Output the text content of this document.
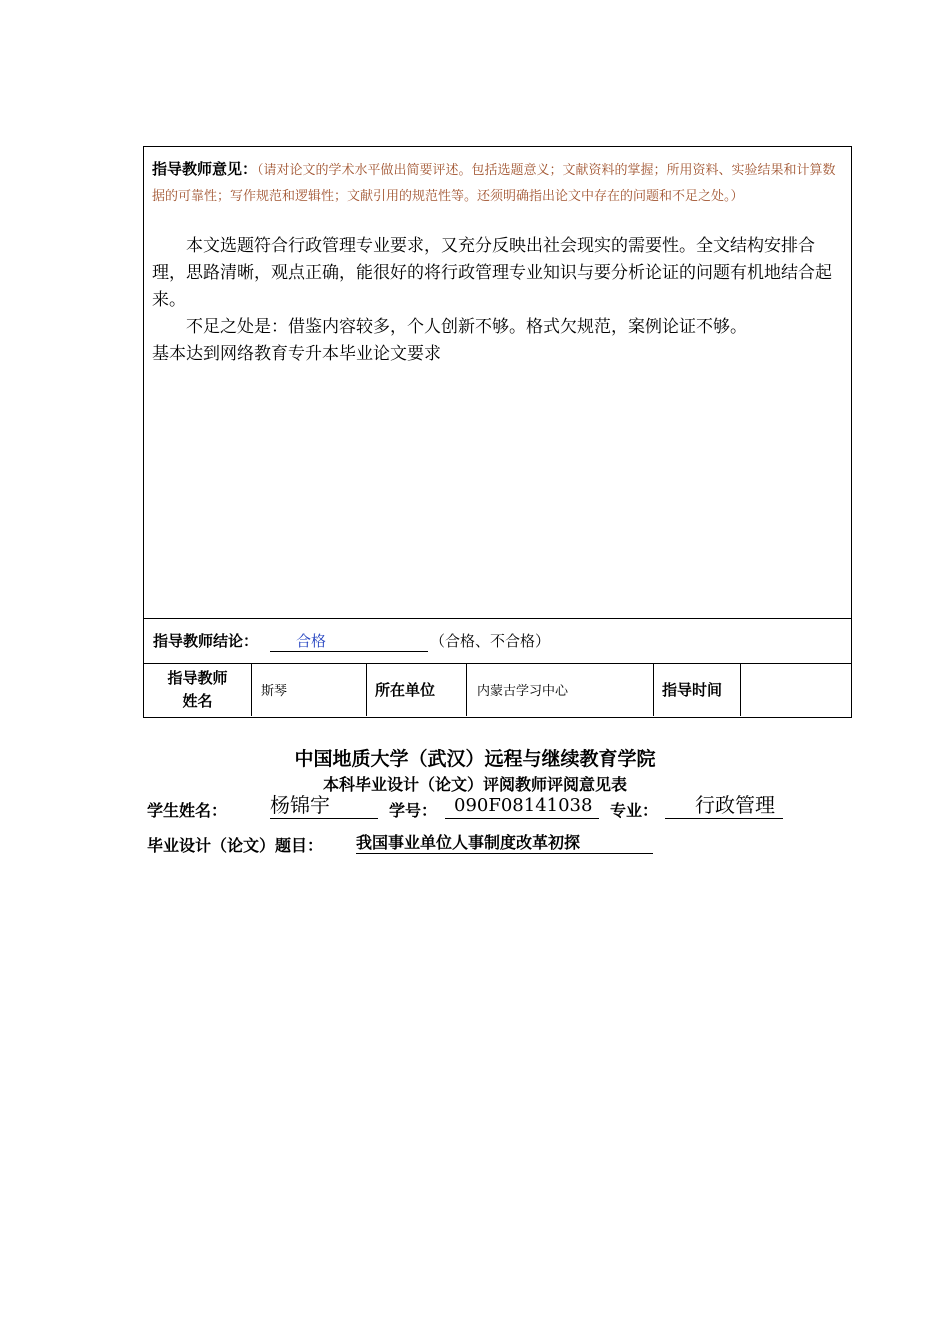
指导教师意见：（请对论文的学术水平做出简要评述。包括选题意义；文献资料的掌握；所用资料、实验结果和计算数据的可靠性；写作规范和逻辑性；文献引用的规范性等。还须明确指出论文中存在的问题和不足之处。）

本文选题符合行政管理专业要求，又充分反映出社会现实的需要性。全文结构安排合理，思路清晰，观点正确，能很好的将行政管理专业知识与要分析论证的问题有机地结合起来。

不足之处是：借鉴内容较多，个人创新不够。格式欠规范，案例论证不够。

基本达到网络教育专升本毕业论文要求

指导教师结论：	合格	（合格、不合格）
指导教师
姓名	斯琴	所在单位	内蒙古学习中心	指导时间
中国地质大学（武汉）远程与继续教育学院
本科毕业设计（论文）评阅教师评阅意见表
学生姓名： 杨锦宇	学号： 090F08141038	专业：	行政管理
毕业设计（论文）题目： 我国事业单位人事制度改革初探
